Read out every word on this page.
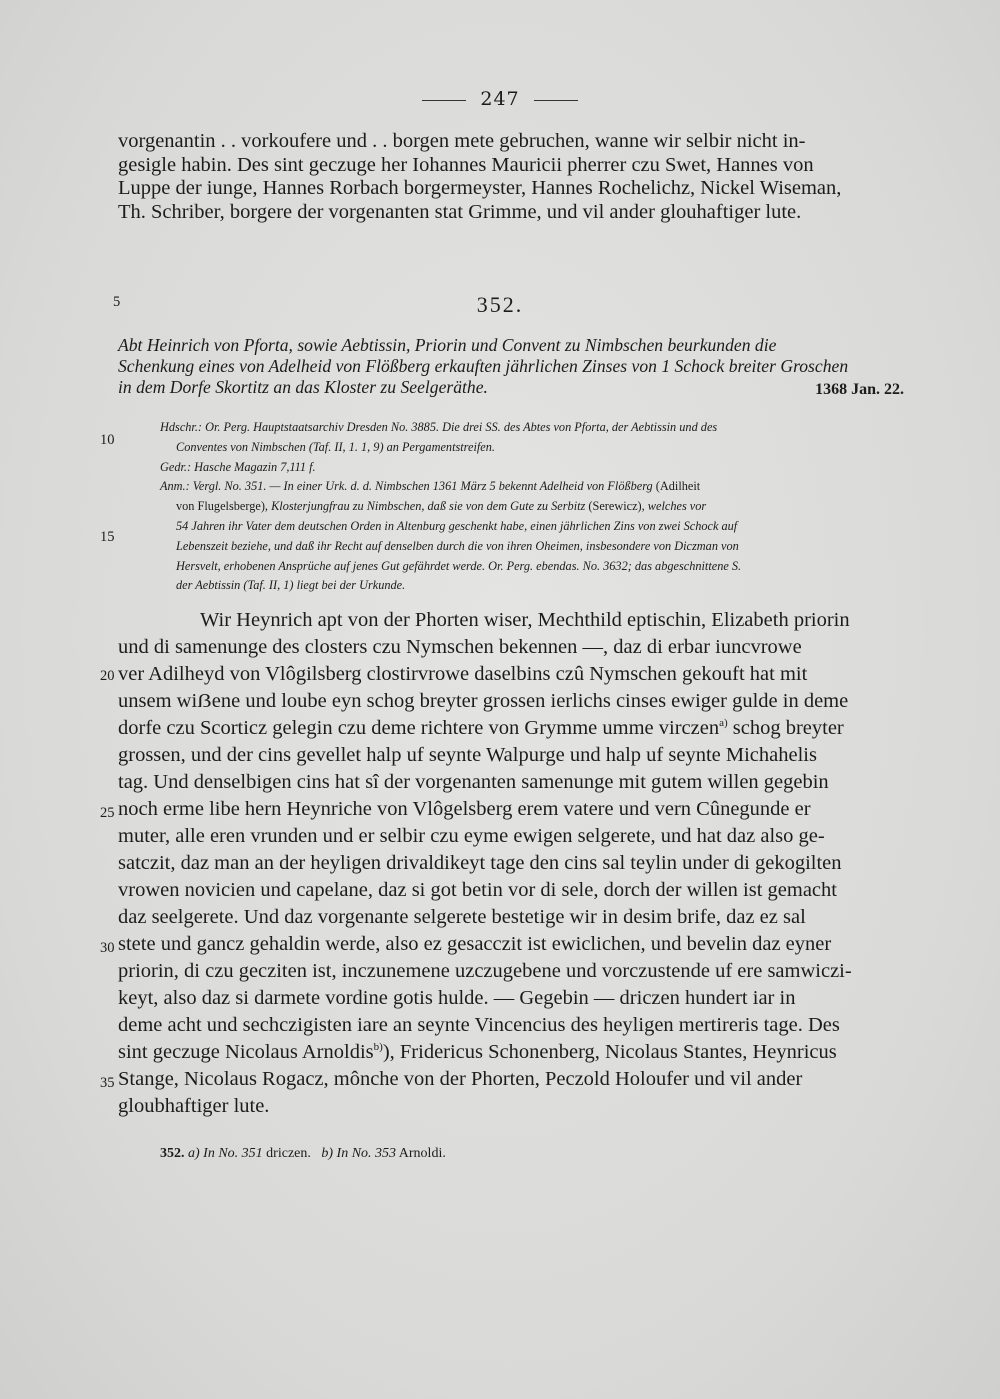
247
vorgenantin . . vorkoufere und . . borgen mete gebruchen, wanne wir selbir nicht in-
gesigle habin. Des sint geczuge her Iohannes Mauricii pherrer czu Swet, Hannes von
Luppe der iunge, Hannes Rorbach borgermeyster, Hannes Rochelichz, Nickel Wiseman,
Th. Schriber, borgere der vorgenanten stat Grimme, und vil ander glouhaftiger lute.
5	352.
Abt Heinrich von Pforta, sowie Aebtissin, Priorin und Convent zu Nimbschen beurkunden die
Schenkung eines von Adelheid von Flößberg erkauften jährlichen Zinses von 1 Schock breiter Groschen
in dem Dorfe Skortitz an das Kloster zu Seelgeräthe.	1368 Jan. 22.
10
15
Hdschr.: Or. Perg. Hauptstaatsarchiv Dresden No. 3885. Die drei SS. des Abtes von Pforta, der Aebtissin und des
Conventes von Nimbschen (Taf. II, 1. 1, 9) an Pergamentstreifen.
Gedr.: Hasche Magazin 7,111 f.
Anm.: Vergl. No. 351. — In einer Urk. d. d. Nimbschen 1361 März 5 bekennt Adelheid von Flößberg (Adilheit
von Flugelsberge), Klosterjungfrau zu Nimbschen, daß sie von dem Gute zu Serbitz (Serewicz), welches vor
54 Jahren ihr Vater dem deutschen Orden in Altenburg geschenkt habe, einen jährlichen Zins von zwei Schock auf
Lebenszeit beziehe, und daß ihr Recht auf denselben durch die von ihren Oheimen, insbesondere von Diczman von
Hersvelt, erhobenen Ansprüche auf jenes Gut gefährdet werde. Or. Perg. ebendas. No. 3632; das abgeschnittene S.
der Aebtissin (Taf. II, 1) liegt bei der Urkunde.
20
25
30
35
Wir Heynrich apt von der Phorten wiser, Mechthild eptischin, Elizabeth priorin
und di samenunge des closters czu Nymschen bekennen —, daz di erbar iuncvrowe
ver Adilheyd von Vlôgilsberg clostirvrowe daselbins czû Nymschen gekouft hat mit
unsem wiẞene und loube eyn schog breyter grossen ierlichs cinses ewiger gulde in deme
dorfe czu Scorticz gelegin czu deme richtere von Grymme umme virczen$^{a)}$ schog breyter
grossen, und der cins gevellet halp uf seynte Walpurge und halp uf seynte Michahelis
tag. Und denselbigen cins hat sî der vorgenanten samenunge mit gutem willen gegebin
noch erme libe hern Heynriche von Vlôgelsberg erem vatere und vern Cûnegunde er
muter, alle eren vrunden und er selbir czu eyme ewigen selgerete, und hat daz also ge-
satczit, daz man an der heyligen drivaldikeyt tage den cins sal teylin under di gekogilten
vrowen novicien und capelane, daz si got betin vor di sele, dorch der willen ist gemacht
daz seelgerete. Und daz vorgenante selgerete bestetige wir in desim brife, daz ez sal
stete und gancz gehaldin werde, also ez gesacczit ist ewiclichen, und bevelin daz eyner
priorin, di czu gecziten ist, inczunemene uzczugebene und vorczustende uf ere samwiczi-
keyt, also daz si darmete vordine gotis hulde. — Gegebin — driczen hundert iar in
deme acht und sechczigisten iare an seynte Vincencius des heyligen mertireris tage. Des
sint geczuge Nicolaus Arnoldis$^{b)}$), Fridericus Schonenberg, Nicolaus Stantes, Heynricus
Stange, Nicolaus Rogacz, mônche von der Phorten, Peczold Holoufer und vil ander
gloubhaftiger lute.
352. a) In No. 351 driczen. b) In No. 353 Arnoldi.
